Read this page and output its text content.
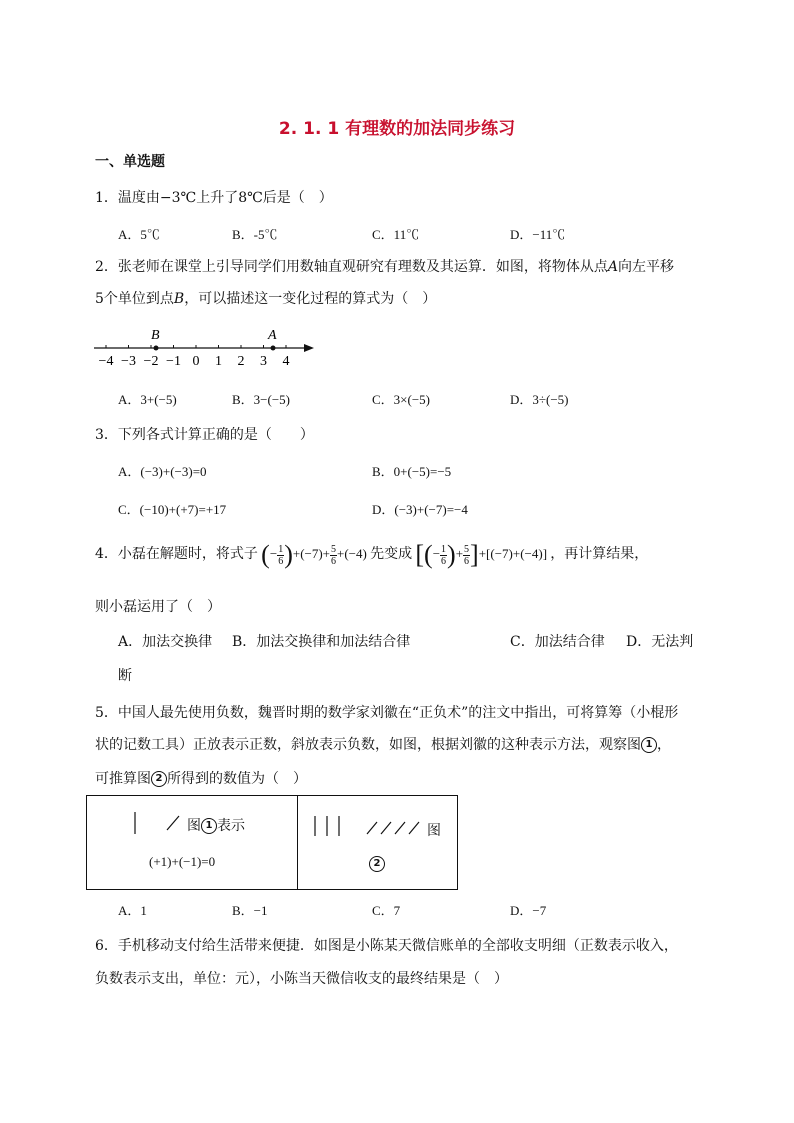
2. 1. 1 有理数的加法同步练习
一、单选题
1．温度由−3℃上升了8℃后是（　）
A．5℃	B．-5℃	C．11℃	D．−11℃
2．张老师在课堂上引导同学们用数轴直观研究有理数及其运算．如图，将物体从点A向左平移
5个单位到点B，可以描述这一变化过程的算式为（　）
−4 −3 −2 −1 0 1 2 3 4
B	A
A．3+(−5)	B．3−(−5)	C．3×(−5)	D．3÷(−5)
3．下列各式计算正确的是（　　）
A．(−3)+(−3)=0	B．0+(−5)=−5
C．(−10)+(+7)=+17	D．(−3)+(−7)=−4
4．小磊在解题时，将式子 (− $\frac{1}{6} )+(-7)+ \frac{5}{6} +(-4)$ 先变成 [(− $\frac{1}{6}$ )+ $\frac{5}{6} ]+[(-7)+(-4)]$ ，再计算结果，
则小磊运用了（　）
A．加法交换律 B．加法交换律和加法结合律	C．加法结合律 D．无法判
断
5．中国人最先使用负数，魏晋时期的数学家刘徽在“正负术”的注文中指出，可将算筹（小棍形
状的记数工具）正放表示正数，斜放表示负数，如图，根据刘徽的这种表示方法，观察图 1 ，
可推算图 2 所得到的数值为（　）
图 1 表示
(+1)+(−1)=0
图
2
A．1	B．−1	C．7	D．−7
6．手机移动支付给生活带来便捷．如图是小陈某天微信账单的全部收支明细（正数表示收入，
负数表示支出，单位：元），小陈当天微信收支的最终结果是（　）
